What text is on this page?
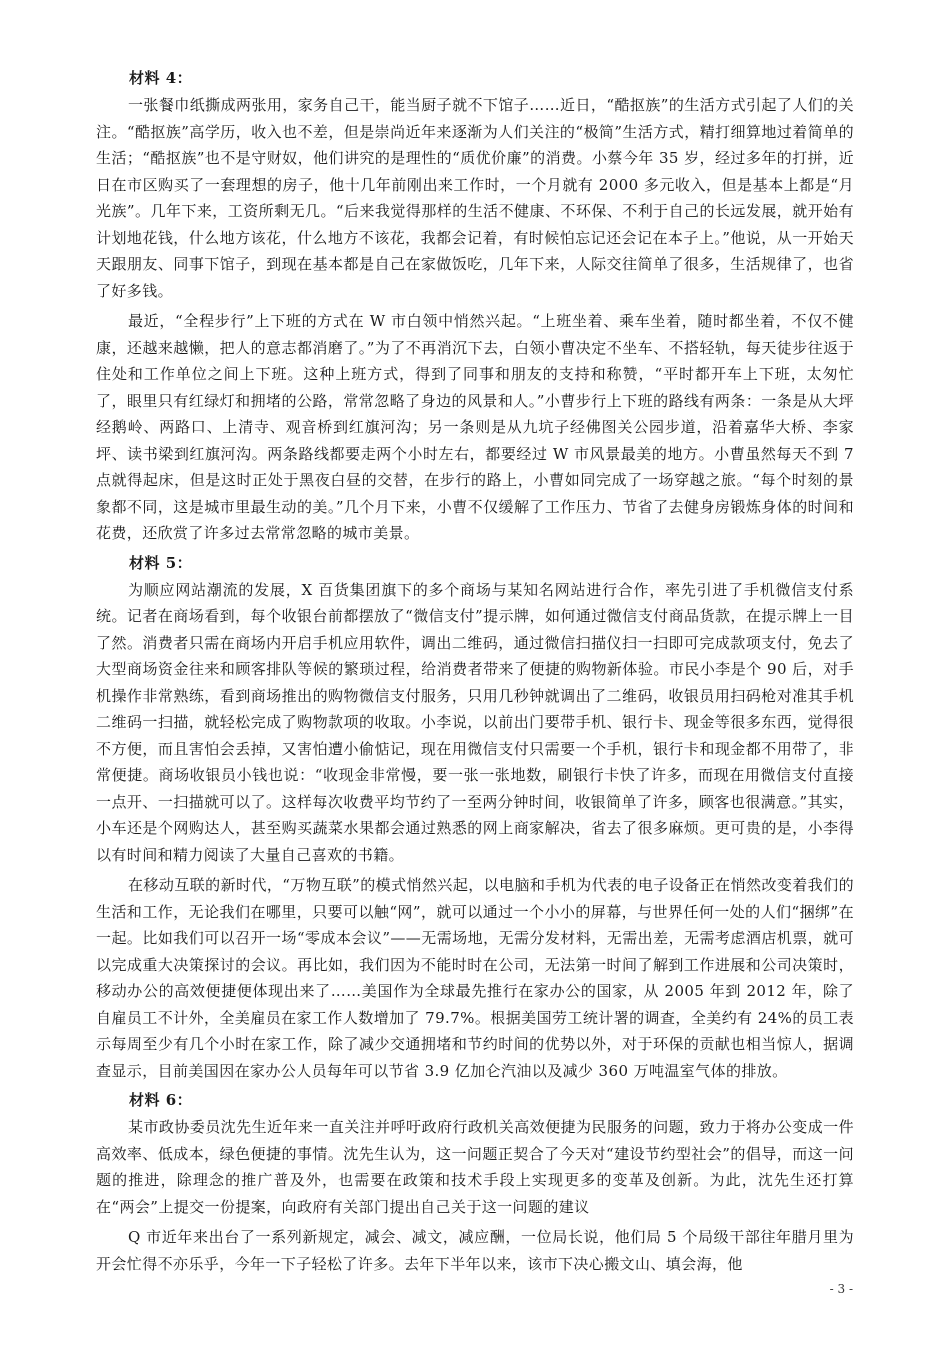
材料 4：

一张餐巾纸撕成两张用，家务自己干，能当厨子就不下馆子……近日，“酷抠族”的生活方式引起了人们的关注。“酷抠族”高学历，收入也不差，但是崇尚近年来逐渐为人们关注的“极简”生活方式，精打细算地过着简单的生活；“酷抠族”也不是守财奴，他们讲究的是理性的“质优价廉”的消费。小蔡今年 35 岁，经过多年的打拼，近日在市区购买了一套理想的房子，他十几年前刚出来工作时，一个月就有 2000 多元收入，但是基本上都是“月光族”。几年下来，工资所剩无几。“后来我觉得那样的生活不健康、不环保、不利于自己的长远发展，就开始有计划地花钱，什么地方该花，什么地方不该花，我都会记着，有时候怕忘记还会记在本子上。”他说，从一开始天天跟朋友、同事下馆子，到现在基本都是自己在家做饭吃，几年下来，人际交往简单了很多，生活规律了，也省了好多钱。

最近，“全程步行”上下班的方式在 W 市白领中悄然兴起。“上班坐着、乘车坐着，随时都坐着，不仅不健康，还越来越懒，把人的意志都消磨了。”为了不再消沉下去，白领小曹决定不坐车、不搭轻轨，每天徒步往返于住处和工作单位之间上下班。这种上班方式，得到了同事和朋友的支持和称赞，“平时都开车上下班，太匆忙了，眼里只有红绿灯和拥堵的公路，常常忽略了身边的风景和人。”小曹步行上下班的路线有两条：一条是从大坪经鹅岭、两路口、上清寺、观音桥到红旗河沟；另一条则是从九坑子经佛图关公园步道，沿着嘉华大桥、李家坪、读书梁到红旗河沟。两条路线都要走两个小时左右，都要经过 W 市风景最美的地方。小曹虽然每天不到 7 点就得起床，但是这时正处于黑夜白昼的交替，在步行的路上，小曹如同完成了一场穿越之旅。“每个时刻的景象都不同，这是城市里最生动的美。”几个月下来，小曹不仅缓解了工作压力、节省了去健身房锻炼身体的时间和花费，还欣赏了许多过去常常忽略的城市美景。

材料 5：

为顺应网站潮流的发展，X 百货集团旗下的多个商场与某知名网站进行合作，率先引进了手机微信支付系统。记者在商场看到，每个收银台前都摆放了“微信支付”提示牌，如何通过微信支付商品货款，在提示牌上一目了然。消费者只需在商场内开启手机应用软件，调出二维码，通过微信扫描仪扫一扫即可完成款项支付，免去了大型商场资金往来和顾客排队等候的繁琐过程，给消费者带来了便捷的购物新体验。市民小李是个 90 后，对手机操作非常熟练，看到商场推出的购物微信支付服务，只用几秒钟就调出了二维码，收银员用扫码枪对准其手机二维码一扫描，就轻松完成了购物款项的收取。小李说，以前出门要带手机、银行卡、现金等很多东西，觉得很不方便，而且害怕会丢掉，又害怕遭小偷惦记，现在用微信支付只需要一个手机，银行卡和现金都不用带了，非常便捷。商场收银员小钱也说：“收现金非常慢，要一张一张地数，刷银行卡快了许多，而现在用微信支付直接一点开、一扫描就可以了。这样每次收费平均节约了一至两分钟时间，收银简单了许多，顾客也很满意。”其实，小车还是个网购达人，甚至购买蔬菜水果都会通过熟悉的网上商家解决，省去了很多麻烦。更可贵的是，小李得以有时间和精力阅读了大量自己喜欢的书籍。

在移动互联的新时代，“万物互联”的模式悄然兴起，以电脑和手机为代表的电子设备正在悄然改变着我们的生活和工作，无论我们在哪里，只要可以触“网”，就可以通过一个小小的屏幕，与世界任何一处的人们“捆绑”在一起。比如我们可以召开一场“零成本会议”——无需场地，无需分发材料，无需出差，无需考虑酒店机票，就可以完成重大决策探讨的会议。再比如，我们因为不能时时在公司，无法第一时间了解到工作进展和公司决策时，移动办公的高效便捷便体现出来了……美国作为全球最先推行在家办公的国家，从 2005 年到 2012 年，除了自雇员工不计外，全美雇员在家工作人数增加了 79.7%。根据美国劳工统计署的调查，全美约有 24%的员工表示每周至少有几个小时在家工作，除了减少交通拥堵和节约时间的优势以外，对于环保的贡献也相当惊人，据调查显示，目前美国因在家办公人员每年可以节省 3.9 亿加仑汽油以及减少 360 万吨温室气体的排放。

材料 6：

某市政协委员沈先生近年来一直关注并呼吁政府行政机关高效便捷为民服务的问题，致力于将办公变成一件高效率、低成本，绿色便捷的事情。沈先生认为，这一问题正契合了今天对“建设节约型社会”的倡导，而这一问题的推进，除理念的推广普及外，也需要在政策和技术手段上实现更多的变革及创新。为此，沈先生还打算在“两会”上提交一份提案，向政府有关部门提出自己关于这一问题的建议

Q 市近年来出台了一系列新规定，减会、减文，减应酬，一位局长说，他们局 5 个局级干部往年腊月里为开会忙得不亦乐乎，今年一下子轻松了许多。去年下半年以来，该市下决心搬文山、填会海，他

- 3 -
